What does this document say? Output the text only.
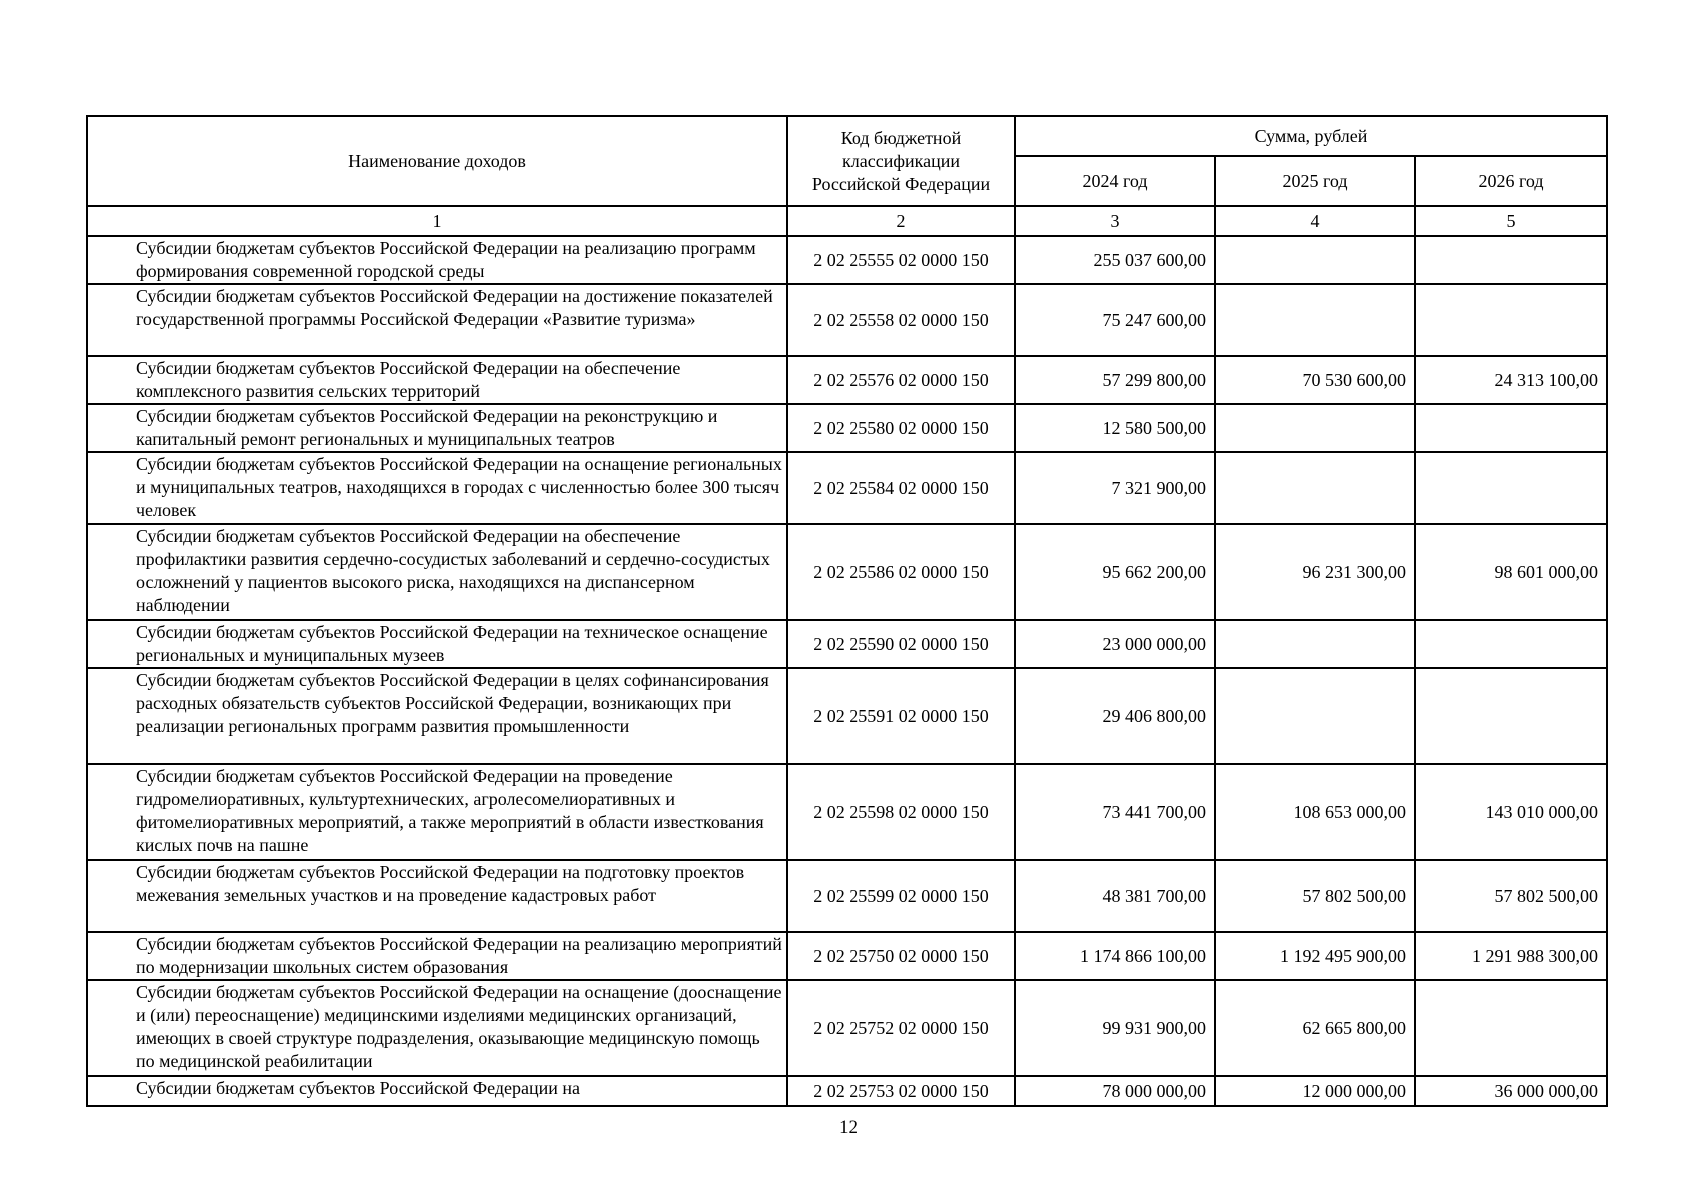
Наименование доходов	Код бюджетной классификации Российской Федерации	Сумма, рублей		
		2024 год	2025 год	2026 год
1	2	3	4	5
Субсидии бюджетам субъектов Российской Федерации на реализацию программ формирования современной городской среды	2 02 25555 02 0000 150	255 037 600,00		
Субсидии бюджетам субъектов Российской Федерации на достижение показателей государственной программы Российской Федерации «Развитие туризма»	2 02 25558 02 0000 150	75 247 600,00		
Субсидии бюджетам субъектов Российской Федерации на обеспечение комплексного развития сельских территорий	2 02 25576 02 0000 150	57 299 800,00	70 530 600,00	24 313 100,00
Субсидии бюджетам субъектов Российской Федерации на реконструкцию и капитальный ремонт региональных и муниципальных театров	2 02 25580 02 0000 150	12 580 500,00		
Субсидии бюджетам субъектов Российской Федерации на оснащение региональных и муниципальных театров, находящихся в городах с численностью более 300 тысяч человек	2 02 25584 02 0000 150	7 321 900,00		
Субсидии бюджетам субъектов Российской Федерации на обеспечение профилактики развития сердечно-сосудистых заболеваний и сердечно-сосудистых осложнений у пациентов высокого риска, находящихся на диспансерном наблюдении	2 02 25586 02 0000 150	95 662 200,00	96 231 300,00	98 601 000,00
Субсидии бюджетам субъектов Российской Федерации на техническое оснащение региональных и муниципальных музеев	2 02 25590 02 0000 150	23 000 000,00		
Субсидии бюджетам субъектов Российской Федерации в целях софинансирования расходных обязательств субъектов Российской Федерации, возникающих при реализации региональных программ развития промышленности	2 02 25591 02 0000 150	29 406 800,00		
Субсидии бюджетам субъектов Российской Федерации на проведение гидромелиоративных, культуртехнических, агролесомелиоративных и фитомелиоративных мероприятий, а также мероприятий в области известкования кислых почв на пашне	2 02 25598 02 0000 150	73 441 700,00	108 653 000,00	143 010 000,00
Субсидии бюджетам субъектов Российской Федерации на подготовку проектов межевания земельных участков и на проведение кадастровых работ	2 02 25599 02 0000 150	48 381 700,00	57 802 500,00	57 802 500,00
Субсидии бюджетам субъектов Российской Федерации на реализацию мероприятий по модернизации школьных систем образования	2 02 25750 02 0000 150	1 174 866 100,00	1 192 495 900,00	1 291 988 300,00
Субсидии бюджетам субъектов Российской Федерации на оснащение (дооснащение и (или) переоснащение) медицинскими изделиями медицинских организаций, имеющих в своей структуре подразделения, оказывающие медицинскую помощь по медицинской реабилитации	2 02 25752 02 0000 150	99 931 900,00	62 665 800,00	
Субсидии бюджетам субъектов Российской Федерации на	2 02 25753 02 0000 150	78 000 000,00	12 000 000,00	36 000 000,00
12
